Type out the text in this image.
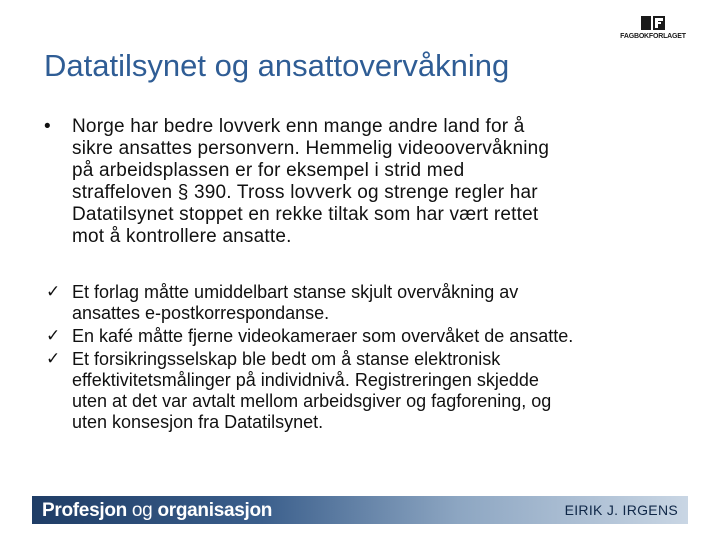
FAGBOKFORLAGET
Datatilsynet og ansattovervåkning
•	Norge har bedre lovverk enn mange andre land for å
sikre ansattes personvern. Hemmelig videoovervåkning
på arbeidsplassen er for eksempel i strid med
straffeloven § 390. Tross lovverk og strenge regler har
Datatilsynet stoppet en rekke tiltak som har vært rettet
mot å kontrollere ansatte.
✓ Et forlag måtte umiddelbart stanse skjult overvåkning av
ansattes e-postkorrespondanse.
✓ En kafé måtte fjerne videokameraer som overvåket de ansatte.
✓ Et forsikringsselskap ble bedt om å stanse elektronisk
effektivitetsmålinger på individnivå. Registreringen skjedde
uten at det var avtalt mellom arbeidsgiver og fagforening, og
uten konsesjon fra Datatilsynet.
Profesjon og organisasjon	EIRIK J. IRGENS
